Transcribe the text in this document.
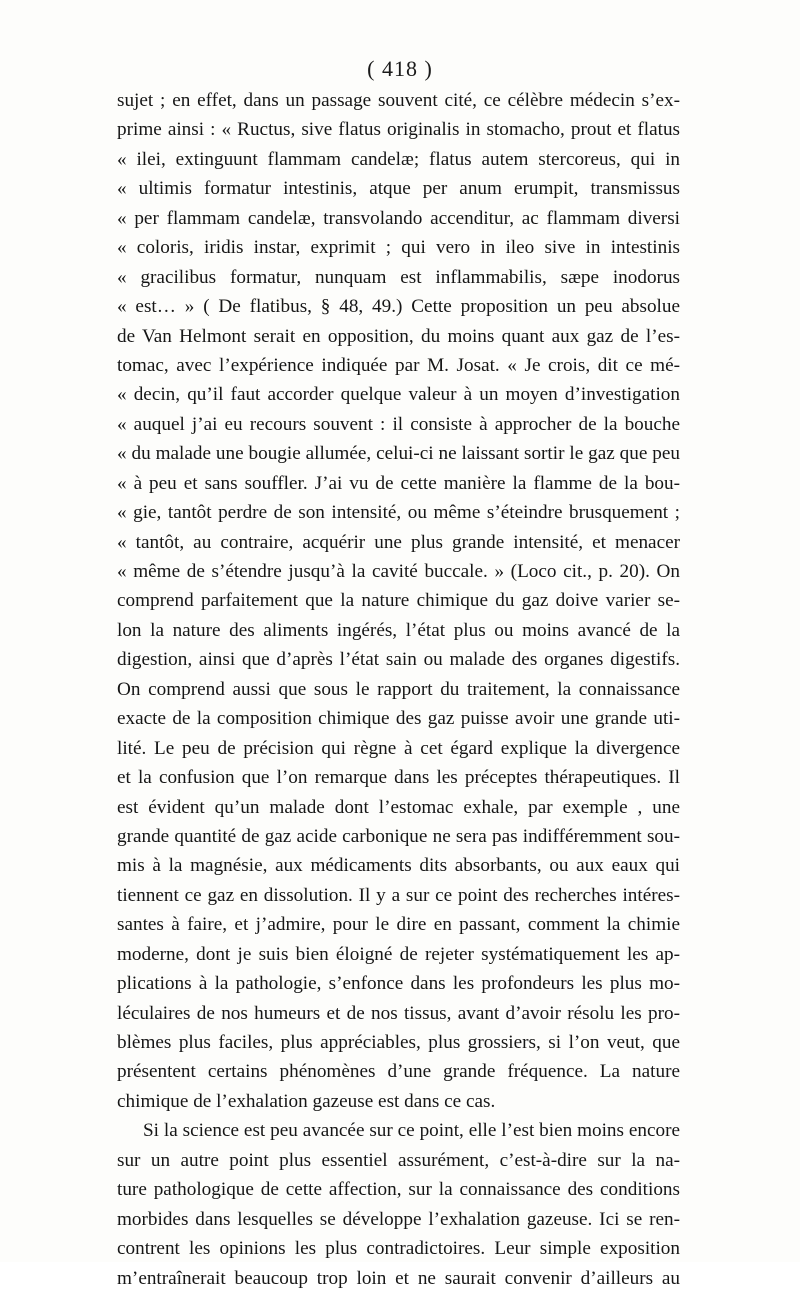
( 418 )
sujet ; en effet, dans un passage souvent cité, ce célèbre médecin s’ex-
prime ainsi : « Ructus, sive flatus originalis in stomacho, prout et flatus
« ilei, extinguunt flammam candelæ; flatus autem stercoreus, qui in
« ultimis formatur intestinis, atque per anum erumpit, transmissus
« per flammam candelæ, transvolando accenditur, ac flammam diversi
« coloris, iridis instar, exprimit ; qui vero in ileo sive in intestinis
« gracilibus formatur, nunquam est inflammabilis, sæpe inodorus
« est… » ( De flatibus, § 48, 49.) Cette proposition un peu absolue
de Van Helmont serait en opposition, du moins quant aux gaz de l’es-
tomac, avec l’expérience indiquée par M. Josat. « Je crois, dit ce mé-
« decin, qu’il faut accorder quelque valeur à un moyen d’investigation
« auquel j’ai eu recours souvent : il consiste à approcher de la bouche
« du malade une bougie allumée, celui-ci ne laissant sortir le gaz que peu
« à peu et sans souffler. J’ai vu de cette manière la flamme de la bou-
« gie, tantôt perdre de son intensité, ou même s’éteindre brusquement ;
« tantôt, au contraire, acquérir une plus grande intensité, et menacer
« même de s’étendre jusqu’à la cavité buccale. » (Loco cit., p. 20). On
comprend parfaitement que la nature chimique du gaz doive varier se-
lon la nature des aliments ingérés, l’état plus ou moins avancé de la
digestion, ainsi que d’après l’état sain ou malade des organes digestifs.
On comprend aussi que sous le rapport du traitement, la connaissance
exacte de la composition chimique des gaz puisse avoir une grande uti-
lité. Le peu de précision qui règne à cet égard explique la divergence
et la confusion que l’on remarque dans les préceptes thérapeutiques. Il
est évident qu’un malade dont l’estomac exhale, par exemple , une
grande quantité de gaz acide carbonique ne sera pas indifféremment sou-
mis à la magnésie, aux médicaments dits absorbants, ou aux eaux qui
tiennent ce gaz en dissolution. Il y a sur ce point des recherches intéres-
santes à faire, et j’admire, pour le dire en passant, comment la chimie
moderne, dont je suis bien éloigné de rejeter systématiquement les ap-
plications à la pathologie, s’enfonce dans les profondeurs les plus mo-
léculaires de nos humeurs et de nos tissus, avant d’avoir résolu les pro-
blèmes plus faciles, plus appréciables, plus grossiers, si l’on veut, que
présentent certains phénomènes d’une grande fréquence. La nature
chimique de l’exhalation gazeuse est dans ce cas.
Si la science est peu avancée sur ce point, elle l’est bien moins encore
sur un autre point plus essentiel assurément, c’est-à-dire sur la na-
ture pathologique de cette affection, sur la connaissance des conditions
morbides dans lesquelles se développe l’exhalation gazeuse. Ici se ren-
contrent les opinions les plus contradictoires. Leur simple exposition
m’entraînerait beaucoup trop loin et ne saurait convenir d’ailleurs au
